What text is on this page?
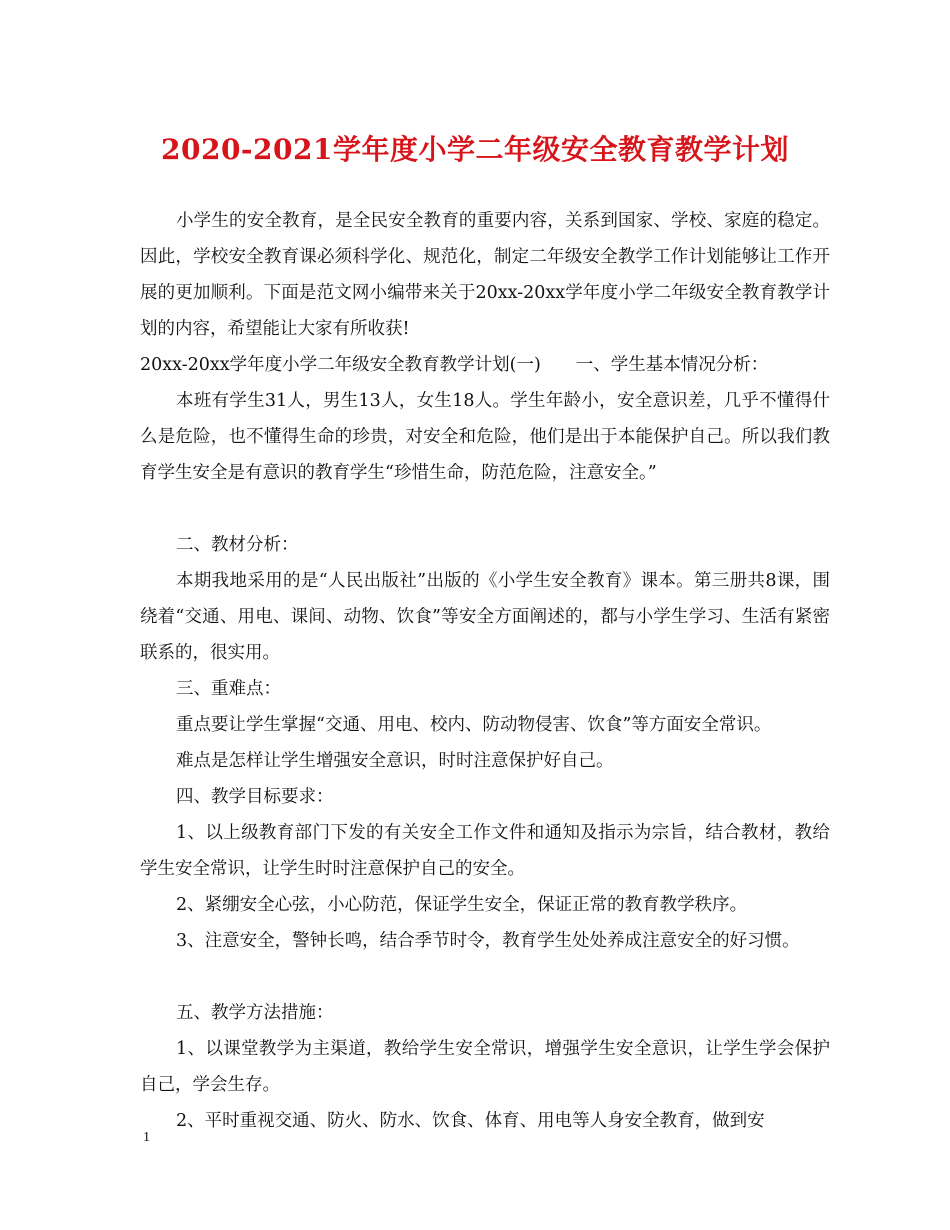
2020-2021学年度小学二年级安全教育教学计划

小学生的安全教育，是全民安全教育的重要内容，关系到国家、学校、家庭的稳定。因此，学校安全教育课必须科学化、规范化，制定二年级安全教学工作计划能够让工作开展的更加顺利。下面是范文网小编带来关于20xx-20xx学年度小学二年级安全教育教学计划的内容，希望能让大家有所收获!

20xx-20xx学年度小学二年级安全教育教学计划(一)　　一、学生基本情况分析：

本班有学生31人，男生13人，女生18人。学生年龄小，安全意识差，几乎不懂得什么是危险，也不懂得生命的珍贵，对安全和危险，他们是出于本能保护自己。所以我们教育学生安全是有意识的教育学生“珍惜生命，防范危险，注意安全。”

二、教材分析：

本期我地采用的是“人民出版社”出版的《小学生安全教育》课本。第三册共8课，围绕着“交通、用电、课间、动物、饮食”等安全方面阐述的，都与小学生学习、生活有紧密联系的，很实用。

三、重难点：

重点要让学生掌握“交通、用电、校内、防动物侵害、饮食”等方面安全常识。

难点是怎样让学生增强安全意识，时时注意保护好自己。

四、教学目标要求：

1、以上级教育部门下发的有关安全工作文件和通知及指示为宗旨，结合教材，教给学生安全常识，让学生时时注意保护自己的安全。

2、紧绷安全心弦，小心防范，保证学生安全，保证正常的教育教学秩序。

3、注意安全，警钟长鸣，结合季节时令，教育学生处处养成注意安全的好习惯。

五、教学方法措施：

1、以课堂教学为主渠道，教给学生安全常识，增强学生安全意识，让学生学会保护自己，学会生存。

2、平时重视交通、防火、防水、饮食、体育、用电等人身安全教育，做到安

1
